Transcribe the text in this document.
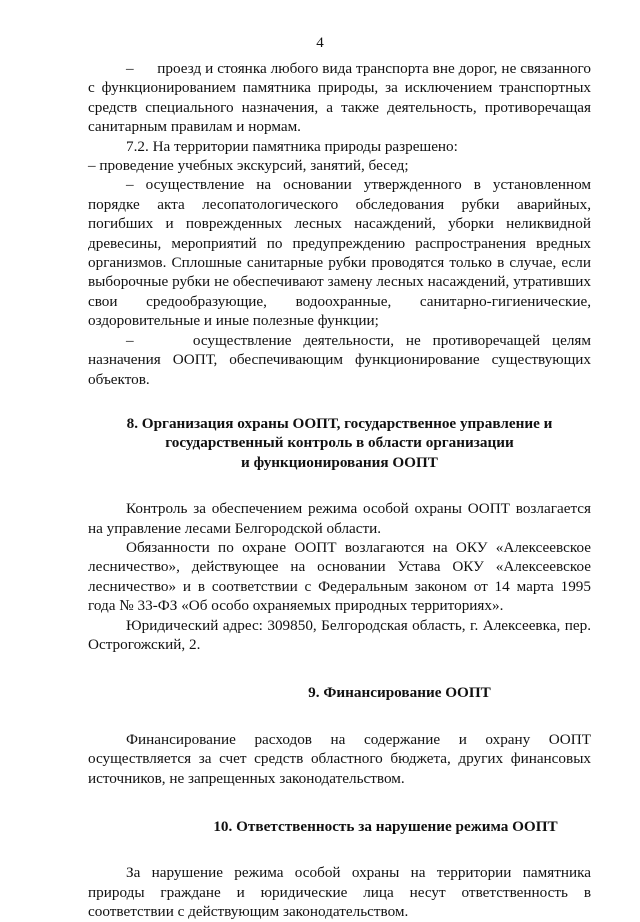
4

–      проезд и стоянка любого вида транспорта вне дорог, не связанного с функционированием памятника природы, за исключением транспортных средств специального назначения, а также деятельность, противоречащая санитарным правилам и нормам.

7.2. На территории памятника природы разрешено:

– проведение учебных экскурсий, занятий, бесед;

– осуществление на основании утвержденного в установленном порядке акта лесопатологического обследования рубки аварийных, погибших и поврежденных лесных насаждений, уборки неликвидной древесины, мероприятий по предупреждению распространения вредных организмов. Сплошные санитарные рубки проводятся только в случае, если выборочные рубки не обеспечивают замену лесных насаждений, утративших свои средообразующие, водоохранные, санитарно-гигиенические, оздоровительные и иные полезные функции;

–     осуществление деятельности, не противоречащей целям назначения ООПТ, обеспечивающим функционирование существующих объектов.

8. Организация охраны ООПТ, государственное управление и
государственный контроль в области организации
и функционирования ООПТ

Контроль за обеспечением режима особой охраны ООПТ возлагается на управление лесами Белгородской области.

Обязанности по охране ООПТ возлагаются на ОКУ «Алексеевское лесничество», действующее на основании Устава ОКУ «Алексеевское лесничество» и в соответствии с Федеральным законом от 14 марта 1995 года № 33-ФЗ «Об особо охраняемых природных территориях».

Юридический адрес: 309850, Белгородская область, г. Алексеевка, пер. Острогожский, 2.

9. Финансирование ООПТ

Финансирование расходов на содержание и охрану ООПТ осуществляется за счет средств областного бюджета, других финансовых источников, не запрещенных законодательством.

10. Ответственность за нарушение режима ООПТ

За нарушение режима особой охраны на территории памятника природы граждане и юридические лица несут ответственность в соответствии с действующим законодательством.
